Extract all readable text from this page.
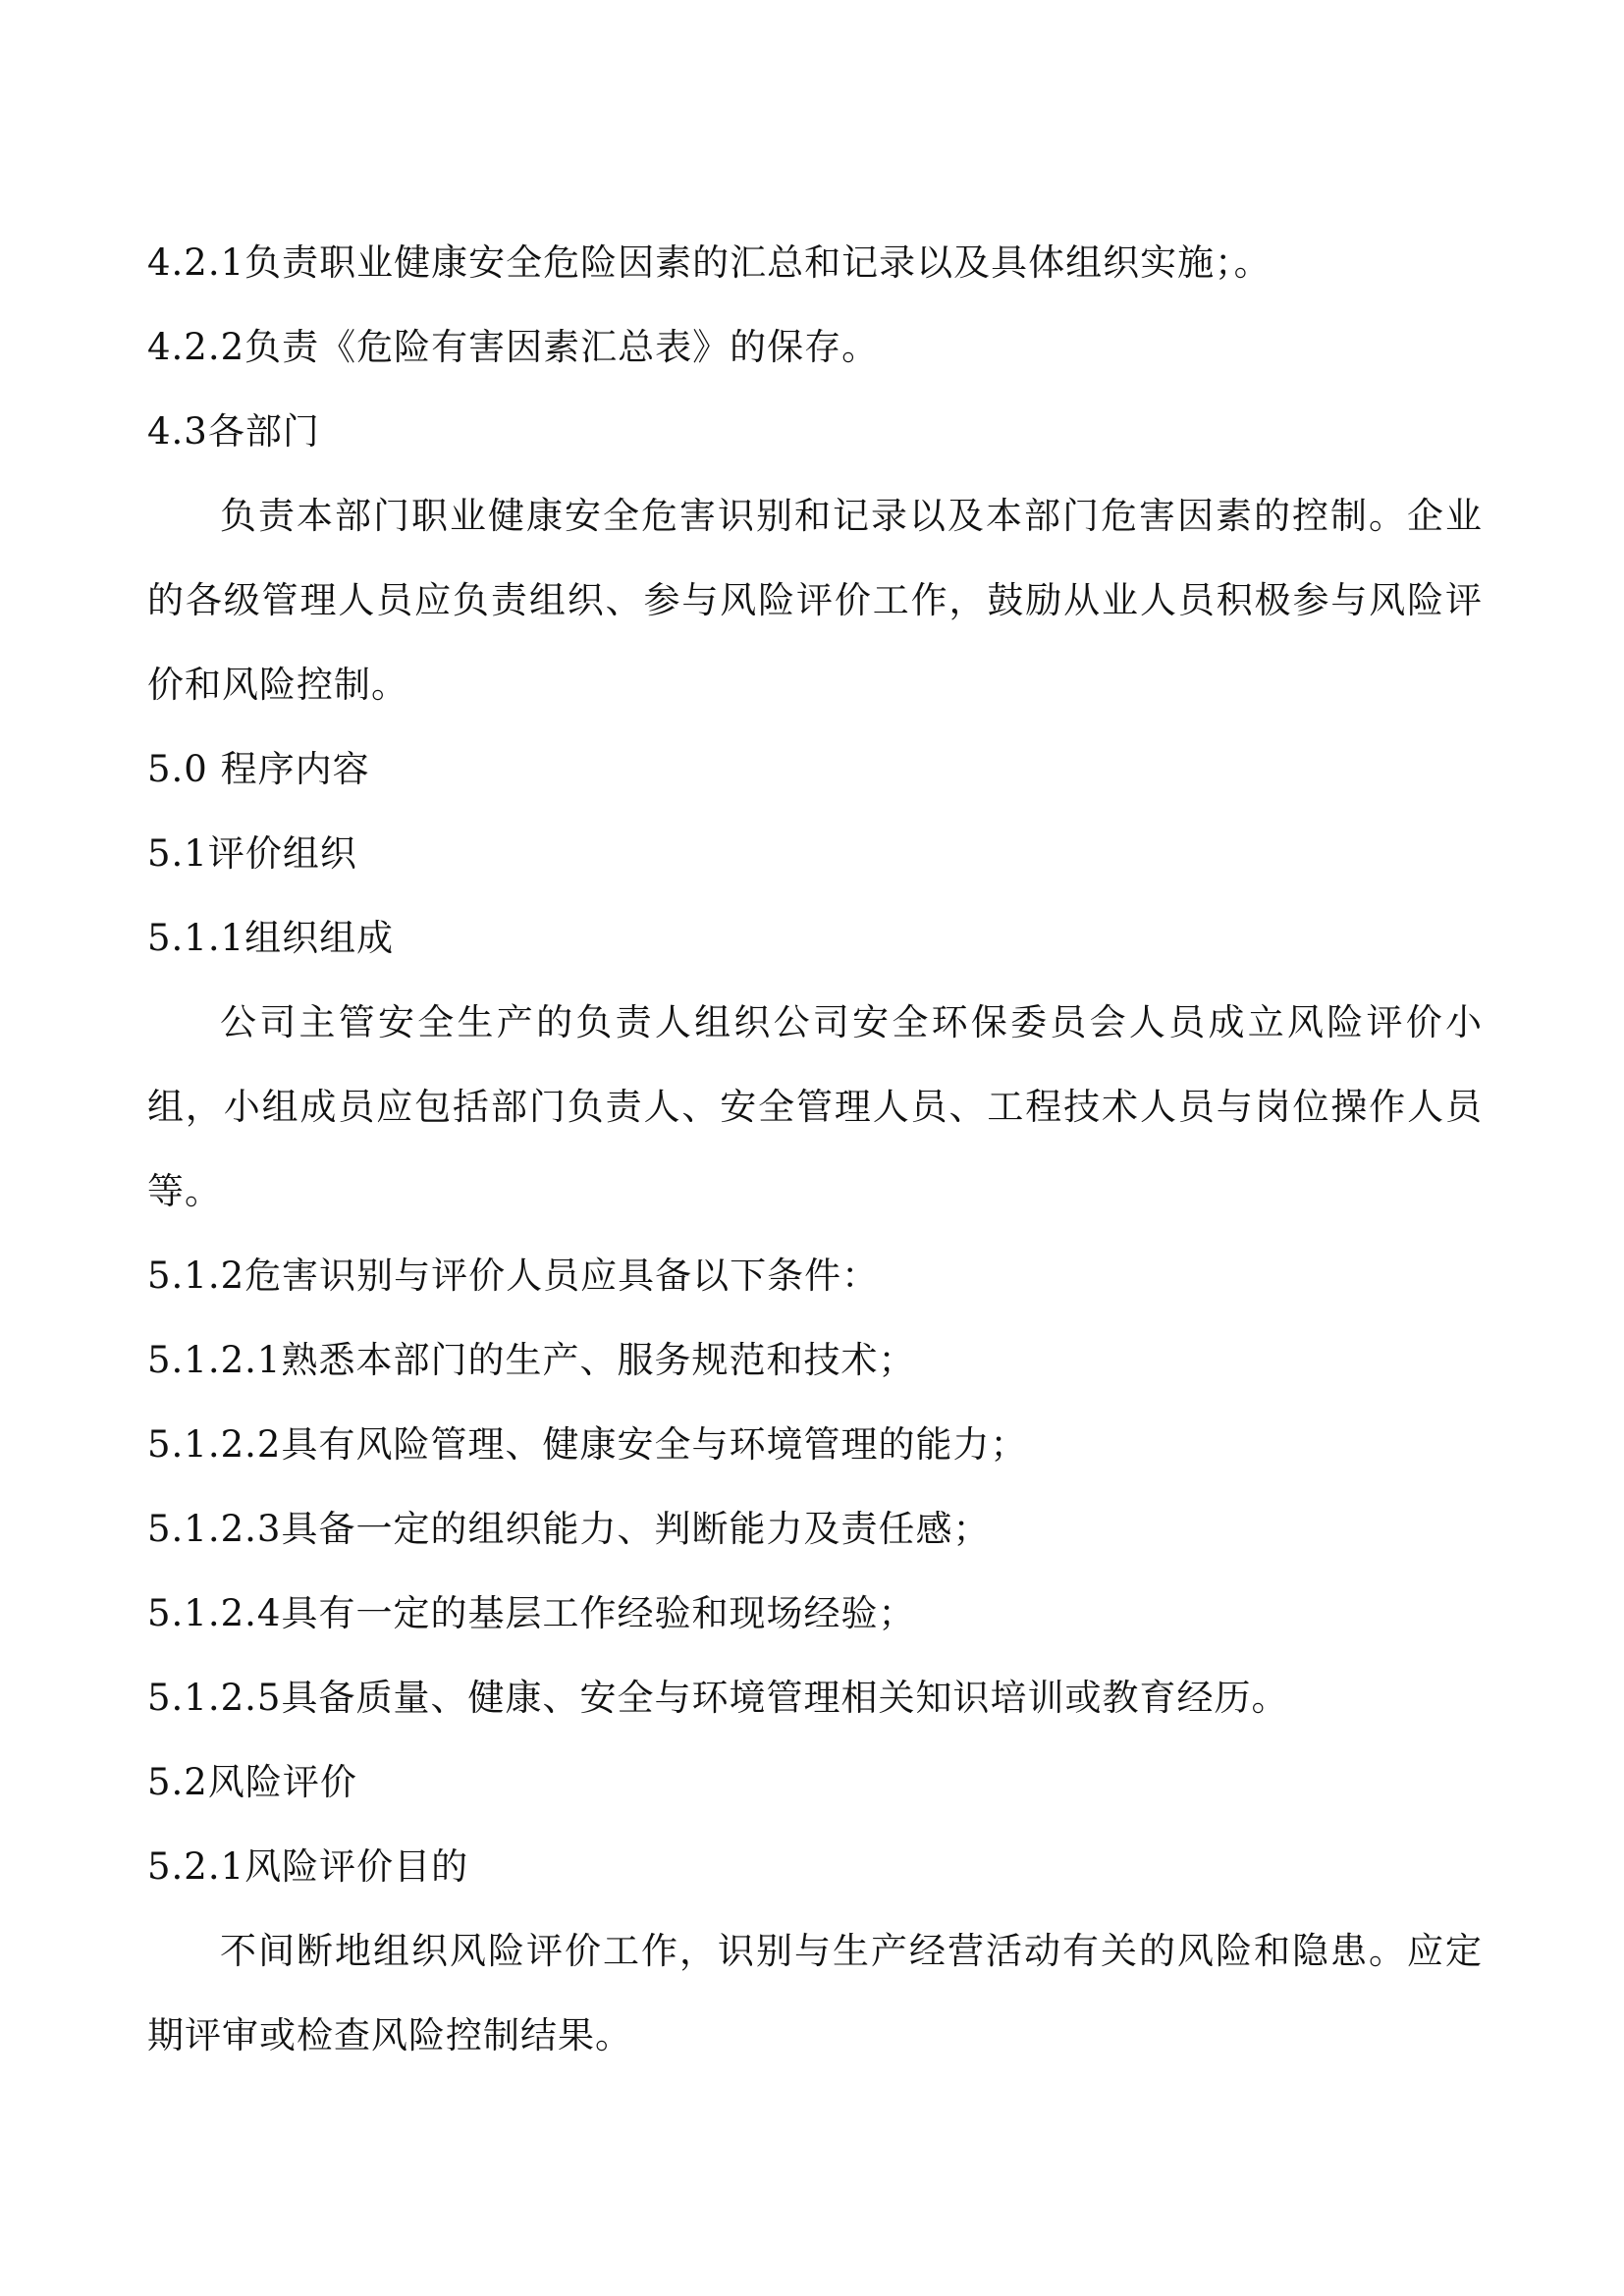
4.2.1负责职业健康安全危险因素的汇总和记录以及具体组织实施；。
4.2.2负责《危险有害因素汇总表》的保存。
4.3各部门
负责本部门职业健康安全危害识别和记录以及本部门危害因素的控制。企业的各级管理人员应负责组织、参与风险评价工作，鼓励从业人员积极参与风险评价和风险控制。
5.0 程序内容
5.1评价组织
5.1.1组织组成
公司主管安全生产的负责人组织公司安全环保委员会人员成立风险评价小组，小组成员应包括部门负责人、安全管理人员、工程技术人员与岗位操作人员等。
5.1.2危害识别与评价人员应具备以下条件：
5.1.2.1熟悉本部门的生产、服务规范和技术；
5.1.2.2具有风险管理、健康安全与环境管理的能力；
5.1.2.3具备一定的组织能力、判断能力及责任感；
5.1.2.4具有一定的基层工作经验和现场经验；
5.1.2.5具备质量、健康、安全与环境管理相关知识培训或教育经历。
5.2风险评价
5.2.1风险评价目的
不间断地组织风险评价工作，识别与生产经营活动有关的风险和隐患。应定期评审或检查风险控制结果。
